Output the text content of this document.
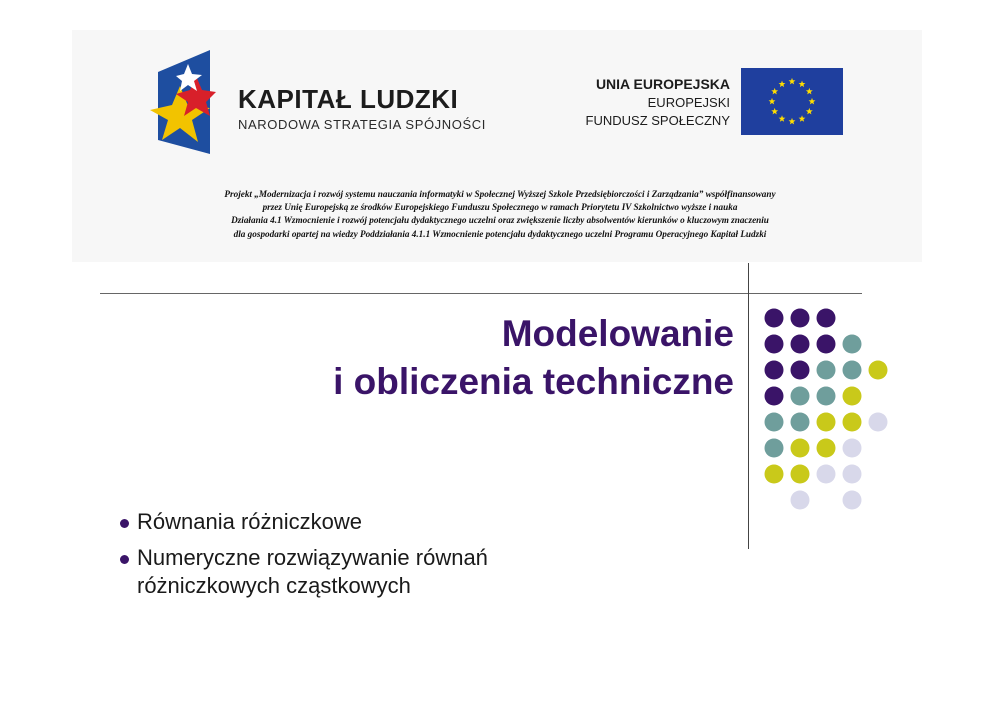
KAPITAŁ LUDZKI
NARODOWA STRATEGIA SPÓJNOŚCI
UNIA EUROPEJSKA
EUROPEJSKI
FUNDUSZ SPOŁECZNY
Projekt „Modernizacja i rozwój systemu nauczania informatyki w Społecznej Wyższej Szkole Przedsiębiorczości i Zarządzania” współfinansowany
przez Unię Europejską ze środków Europejskiego Funduszu Społecznego w ramach Priorytetu IV Szkolnictwo wyższe i nauka
Działania 4.1 Wzmocnienie i rozwój potencjału dydaktycznego uczelni oraz zwiększenie liczby absolwentów kierunków o kluczowym znaczeniu
dla gospodarki opartej na wiedzy Poddziałania 4.1.1 Wzmocnienie potencjału dydaktycznego uczelni Programu Operacyjnego Kapitał Ludzki
Modelowanie
i obliczenia techniczne
Równania różniczkowe
Numeryczne rozwiązywanie równań
różniczkowych cząstkowych
